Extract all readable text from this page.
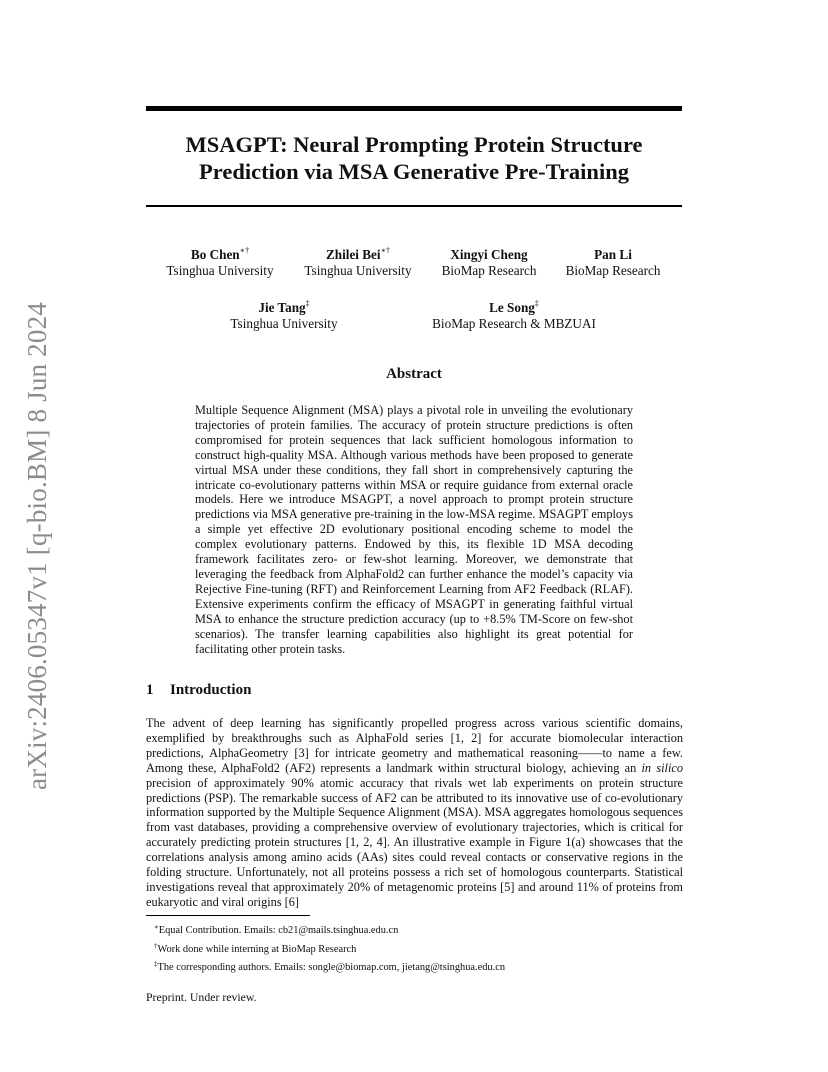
arXiv:2406.05347v1 [q-bio.BM] 8 Jun 2024
MSAGPT: Neural Prompting Protein Structure
Prediction via MSA Generative Pre-Training
Bo Chen∗†
Tsinghua University
Zhilei Bei∗†
Tsinghua University
Xingyi Cheng
BioMap Research
Pan Li
BioMap Research
Jie Tang‡
Tsinghua University
Le Song‡
BioMap Research & MBZUAI
Abstract
Multiple Sequence Alignment (MSA) plays a pivotal role in unveiling the evolutionary trajectories of protein families. The accuracy of protein structure predictions is often compromised for protein sequences that lack sufficient homologous information to construct high-quality MSA. Although various methods have been proposed to generate virtual MSA under these conditions, they fall short in comprehensively capturing the intricate co-evolutionary patterns within MSA or require guidance from external oracle models. Here we introduce MSAGPT, a novel approach to prompt protein structure predictions via MSA generative pre-training in the low-MSA regime. MSAGPT employs a simple yet effective 2D evolutionary positional encoding scheme to model the complex evolutionary patterns. Endowed by this, its flexible 1D MSA decoding framework facilitates zero- or few-shot learning. Moreover, we demonstrate that leveraging the feedback from AlphaFold2 can further enhance the model’s capacity via Rejective Fine-tuning (RFT) and Reinforcement Learning from AF2 Feedback (RLAF). Extensive experiments confirm the efficacy of MSAGPT in generating faithful virtual MSA to enhance the structure prediction accuracy (up to +8.5% TM-Score on few-shot scenarios). The transfer learning capabilities also highlight its great potential for facilitating other protein tasks.
1 Introduction
The advent of deep learning has significantly propelled progress across various scientific domains, exemplified by breakthroughs such as AlphaFold series [1, 2] for accurate biomolecular interaction predictions, AlphaGeometry [3] for intricate geometry and mathematical reasoning——to name a few. Among these, AlphaFold2 (AF2) represents a landmark within structural biology, achieving an in silico precision of approximately 90% atomic accuracy that rivals wet lab experiments on protein structure predictions (PSP). The remarkable success of AF2 can be attributed to its innovative use of co-evolutionary information supported by the Multiple Sequence Alignment (MSA). MSA aggregates homologous sequences from vast databases, providing a comprehensive overview of evolutionary trajectories, which is critical for accurately predicting protein structures [1, 2, 4]. An illustrative example in Figure 1(a) showcases that the correlations analysis among amino acids (AAs) sites could reveal contacts or conservative regions in the folding structure. Unfortunately, not all proteins possess a rich set of homologous counterparts. Statistical investigations reveal that approximately 20% of metagenomic proteins [5] and around 11% of proteins from eukaryotic and viral origins [6]
∗Equal Contribution. Emails: cb21@mails.tsinghua.edu.cn
†Work done while interning at BioMap Research
‡The corresponding authors. Emails: songle@biomap.com, jietang@tsinghua.edu.cn
Preprint. Under review.
